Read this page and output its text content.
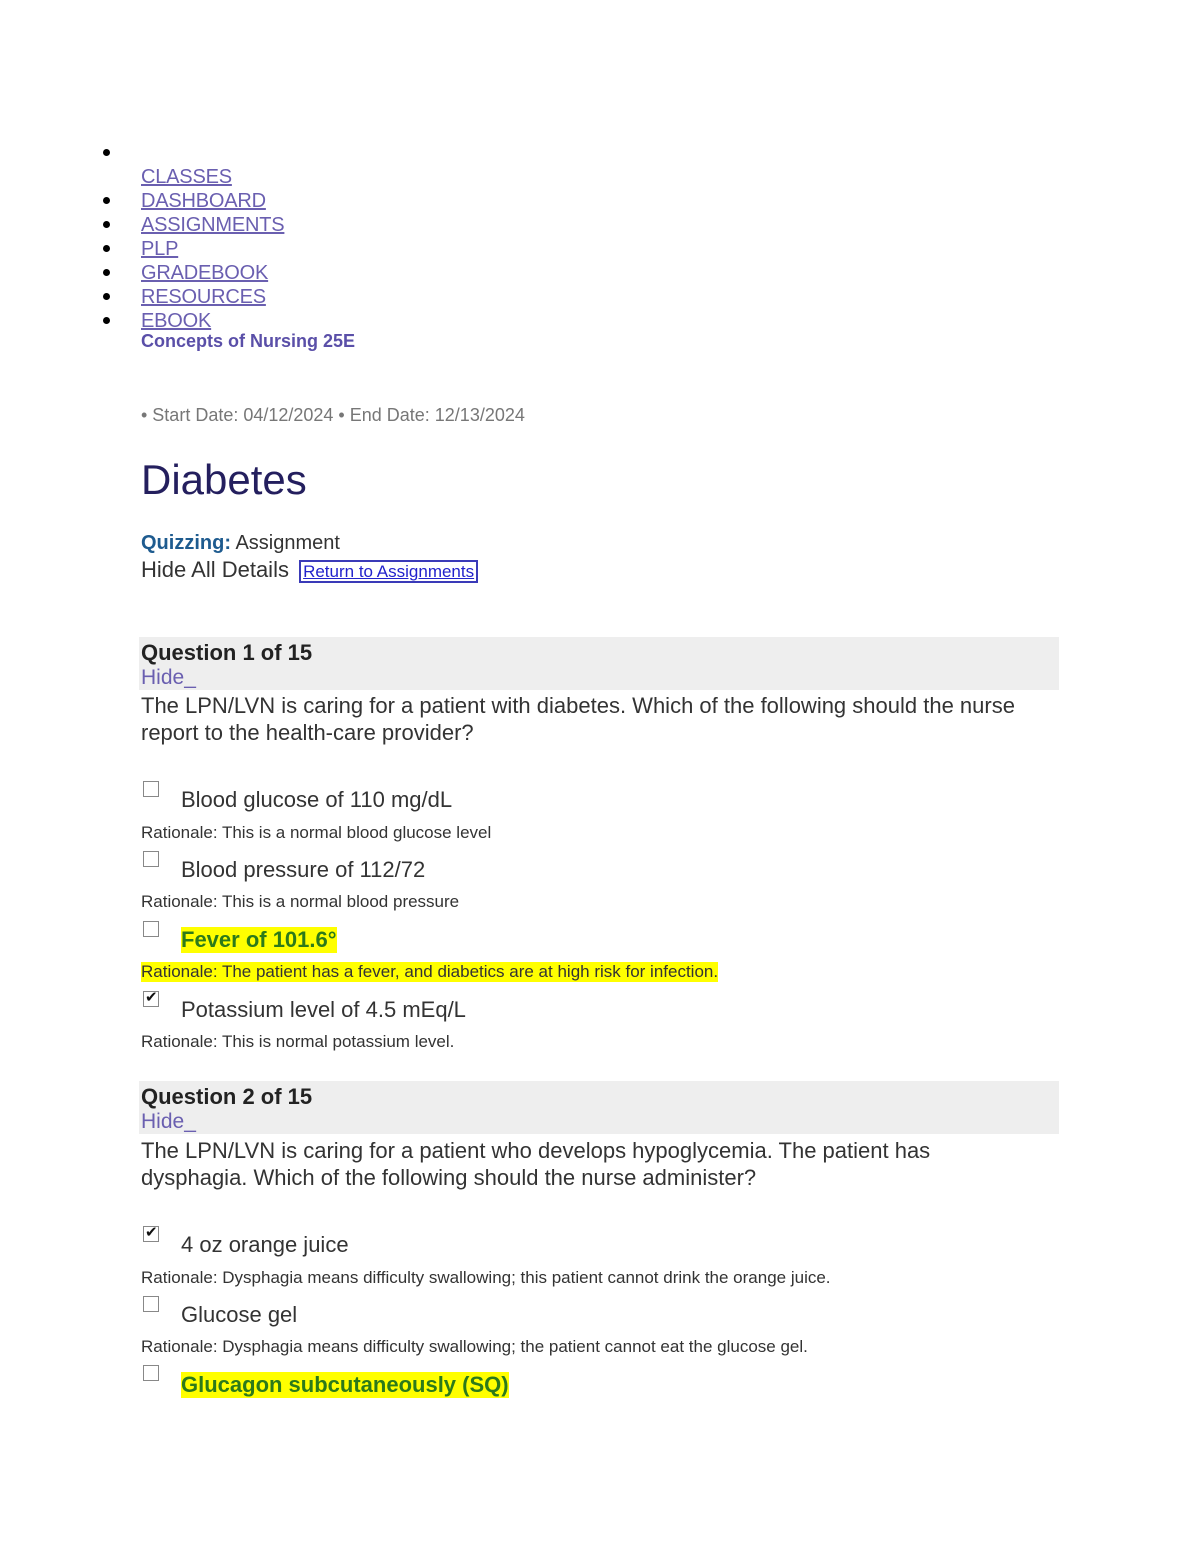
CLASSES
DASHBOARD
ASSIGNMENTS
PLP
GRADEBOOK
RESOURCES
EBOOK
Concepts of Nursing 25E
• Start Date: 04/12/2024 • End Date: 12/13/2024
Diabetes
Quizzing: Assignment
Hide All Details Return to Assignments
Question 1 of 15
Hide_
The LPN/LVN is caring for a patient with diabetes. Which of the following should the nurse report to the health-care provider?
Blood glucose of 110 mg/dL
Rationale: This is a normal blood glucose level
Blood pressure of 112/72
Rationale: This is a normal blood pressure
Fever of 101.6°
Rationale: The patient has a fever, and diabetics are at high risk for infection.
✔
Potassium level of 4.5 mEq/L
Rationale: This is normal potassium level.
Question 2 of 15
Hide_
The LPN/LVN is caring for a patient who develops hypoglycemia. The patient has dysphagia. Which of the following should the nurse administer?
✔
4 oz orange juice
Rationale: Dysphagia means difficulty swallowing; this patient cannot drink the orange juice.
Glucose gel
Rationale: Dysphagia means difficulty swallowing; the patient cannot eat the glucose gel.
Glucagon subcutaneously (SQ)
